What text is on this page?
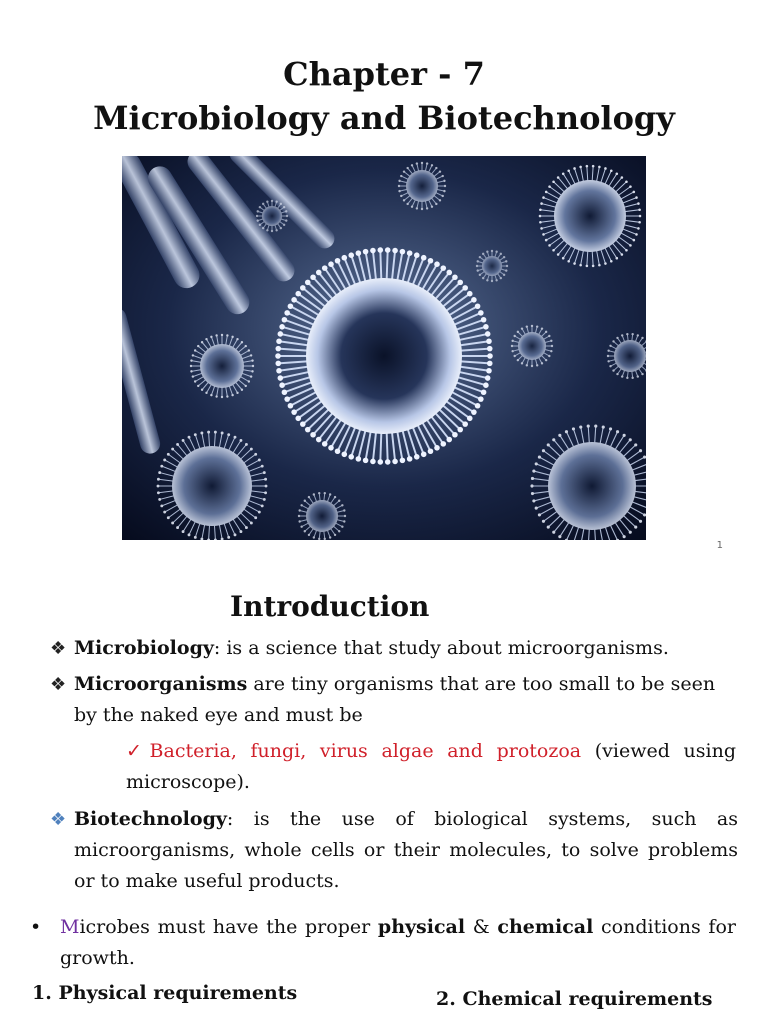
Chapter - 7
Microbiology and Biotechnology
1
Introduction
❖ Microbiology: is a science that study about microorganisms.
❖ Microorganisms are tiny organisms that are too small to be seen by the naked eye and must be
✓Bacteria, fungi, virus algae and protozoa (viewed using microscope).
❖ Biotechnology: is the use of biological systems, such as microorganisms, whole cells or their molecules, to solve problems or to make useful products.
• Microbes must have the proper physical & chemical conditions for growth.
1. Physical requirements	2. Chemical requirements
